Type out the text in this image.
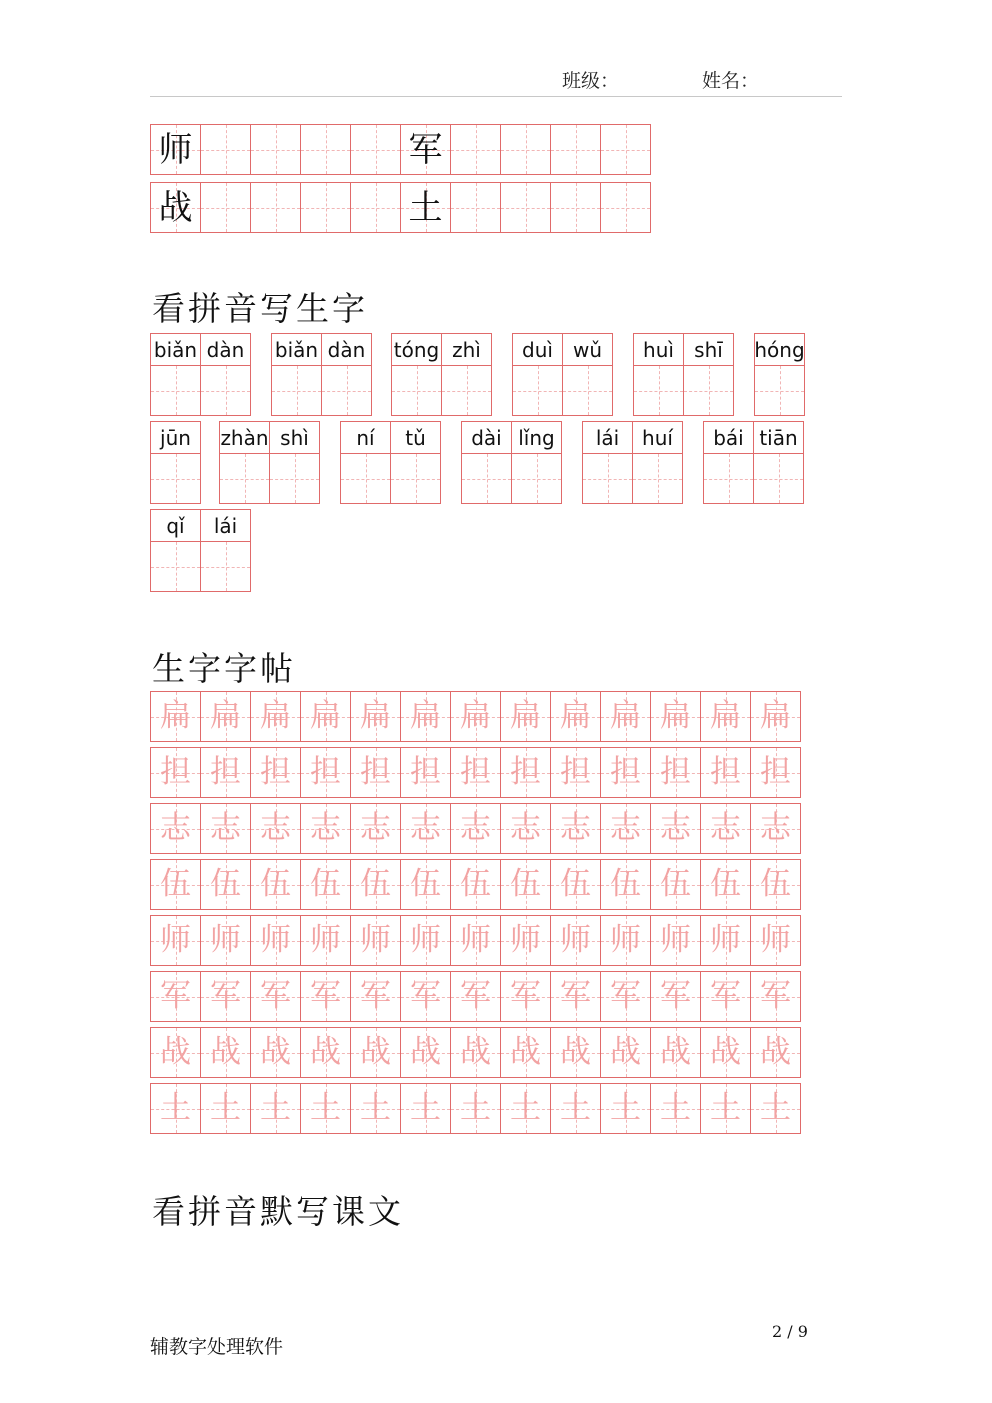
班级：	姓名：
师	军
战	土
看拼音写生字
biǎn dàn	biǎn dàn	tóng zhì	duì	wǔ	huì	shī	hóng
jūn	zhàn shì	ní	tǔ	dài lǐng	lái	huí	bái tiān
qǐ	lái
生字字帖
扁 扁 扁 扁 扁 扁 扁 扁 扁 扁 扁 扁 扁
担 担 担 担 担 担 担 担 担 担 担 担 担
志 志 志 志 志 志 志 志 志 志 志 志 志
伍 伍 伍 伍 伍 伍 伍 伍 伍 伍 伍 伍 伍
师 师 师 师 师 师 师 师 师 师 师 师 师
军 军 军 军 军 军 军 军 军 军 军 军 军
战 战 战 战 战 战 战 战 战 战 战 战 战
土 土 土 土 土 土 土 土 土 土 土 土 土
看拼音默写课文
辅教字处理软件
2 / 9
